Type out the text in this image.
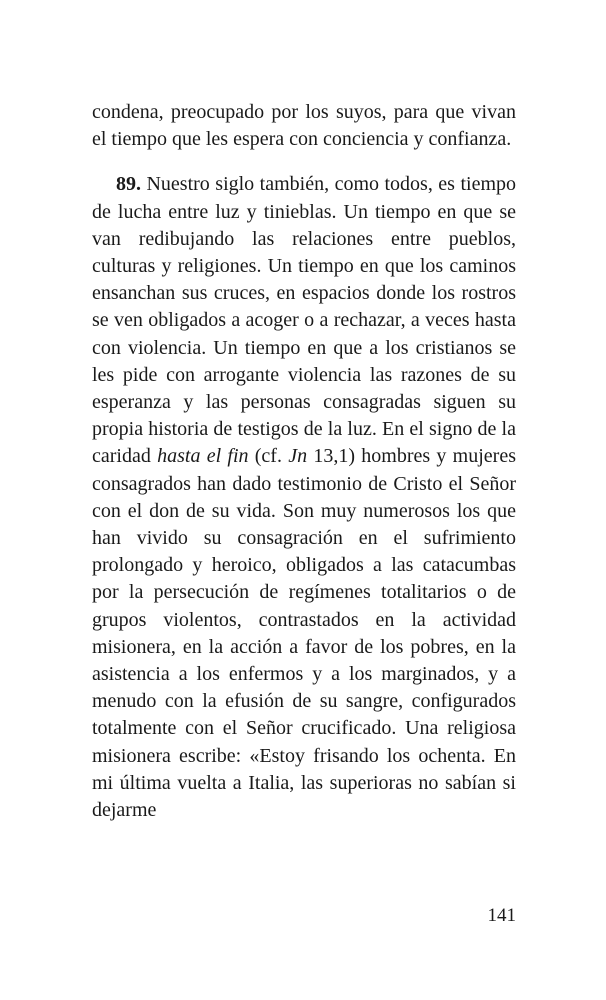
condena, preocupado por los suyos, para que vivan el tiempo que les espera con conciencia y confianza.

89. Nuestro siglo también, como todos, es tiempo de lucha entre luz y tinieblas. Un tiempo en que se van redibujando las relaciones entre pueblos, culturas y religiones. Un tiempo en que los caminos ensanchan sus cruces, en espacios donde los rostros se ven obligados a acoger o a rechazar, a veces hasta con violencia. Un tiempo en que a los cristianos se les pide con arrogante violencia las razones de su esperanza y las personas consagradas siguen su propia historia de testigos de la luz. En el signo de la caridad hasta el fin (cf. Jn 13,1) hombres y mujeres consagrados han dado testimonio de Cristo el Señor con el don de su vida. Son muy numerosos los que han vivido su consagración en el sufrimiento prolongado y heroico, obligados a las catacumbas por la persecución de regímenes totalitarios o de grupos violentos, contrastados en la actividad misionera, en la acción a favor de los pobres, en la asistencia a los enfermos y a los marginados, y a menudo con la efusión de su sangre, configurados totalmente con el Señor crucificado. Una religiosa misionera escribe: «Estoy frisando los ochenta. En mi última vuelta a Italia, las superioras no sabían si dejarme

141
